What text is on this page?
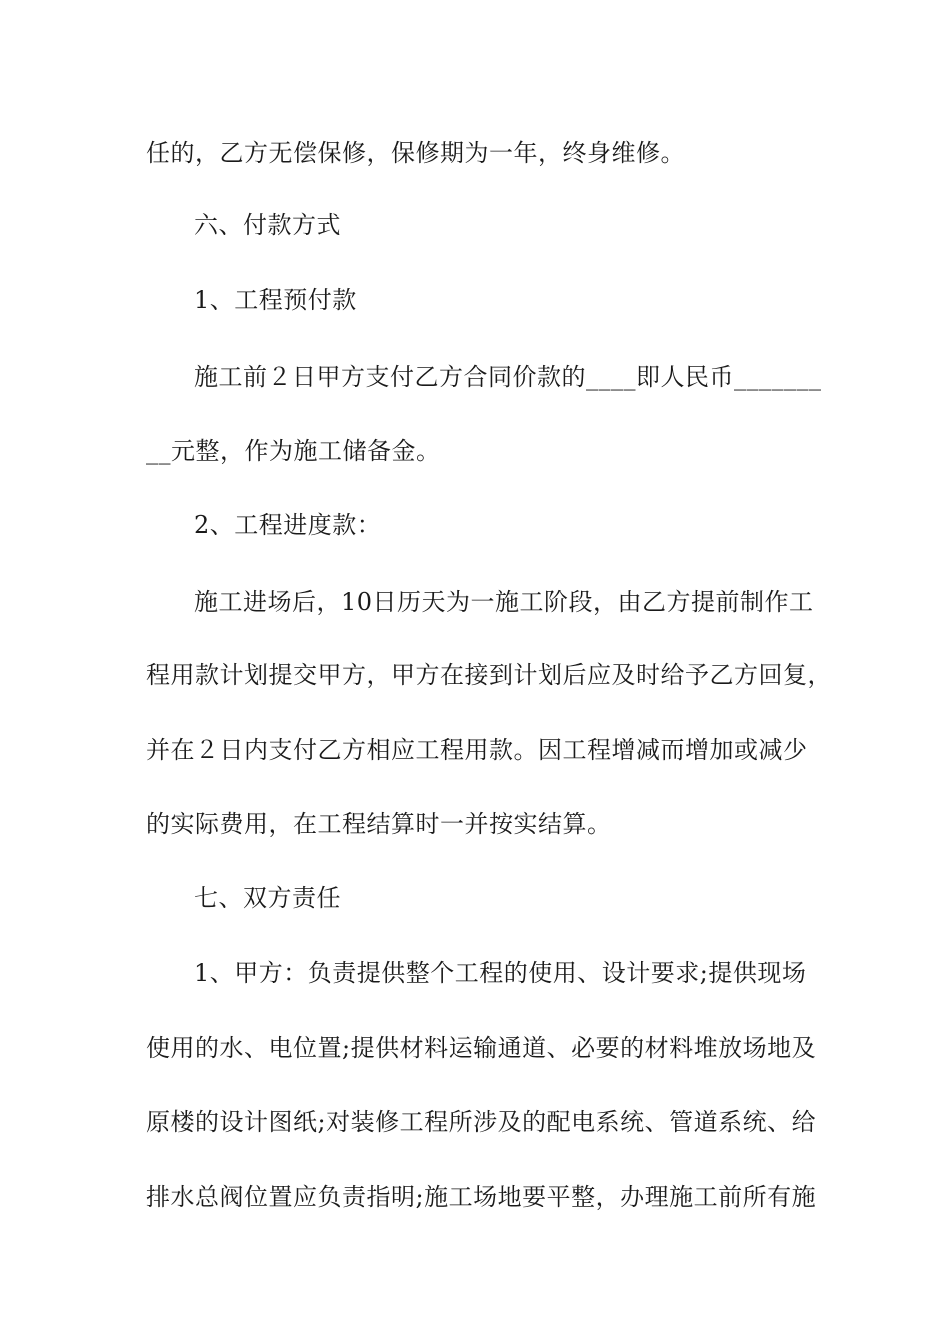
任的，乙方无偿保修，保修期为一年，终身维修。
六、付款方式
1、工程预付款
施工前２日甲方支付乙方合同价款的____即人民币_______
__元整，作为施工储备金。
2、工程进度款：
施工进场后，10日历天为一施工阶段，由乙方提前制作工
程用款计划提交甲方，甲方在接到计划后应及时给予乙方回复，
并在２日内支付乙方相应工程用款。因工程增减而增加或减少
的实际费用，在工程结算时一并按实结算。
七、双方责任
1、甲方：负责提供整个工程的使用、设计要求;提供现场
使用的水、电位置;提供材料运输通道、必要的材料堆放场地及
原楼的设计图纸;对装修工程所涉及的配电系统、管道系统、给
排水总阀位置应负责指明;施工场地要平整，办理施工前所有施
